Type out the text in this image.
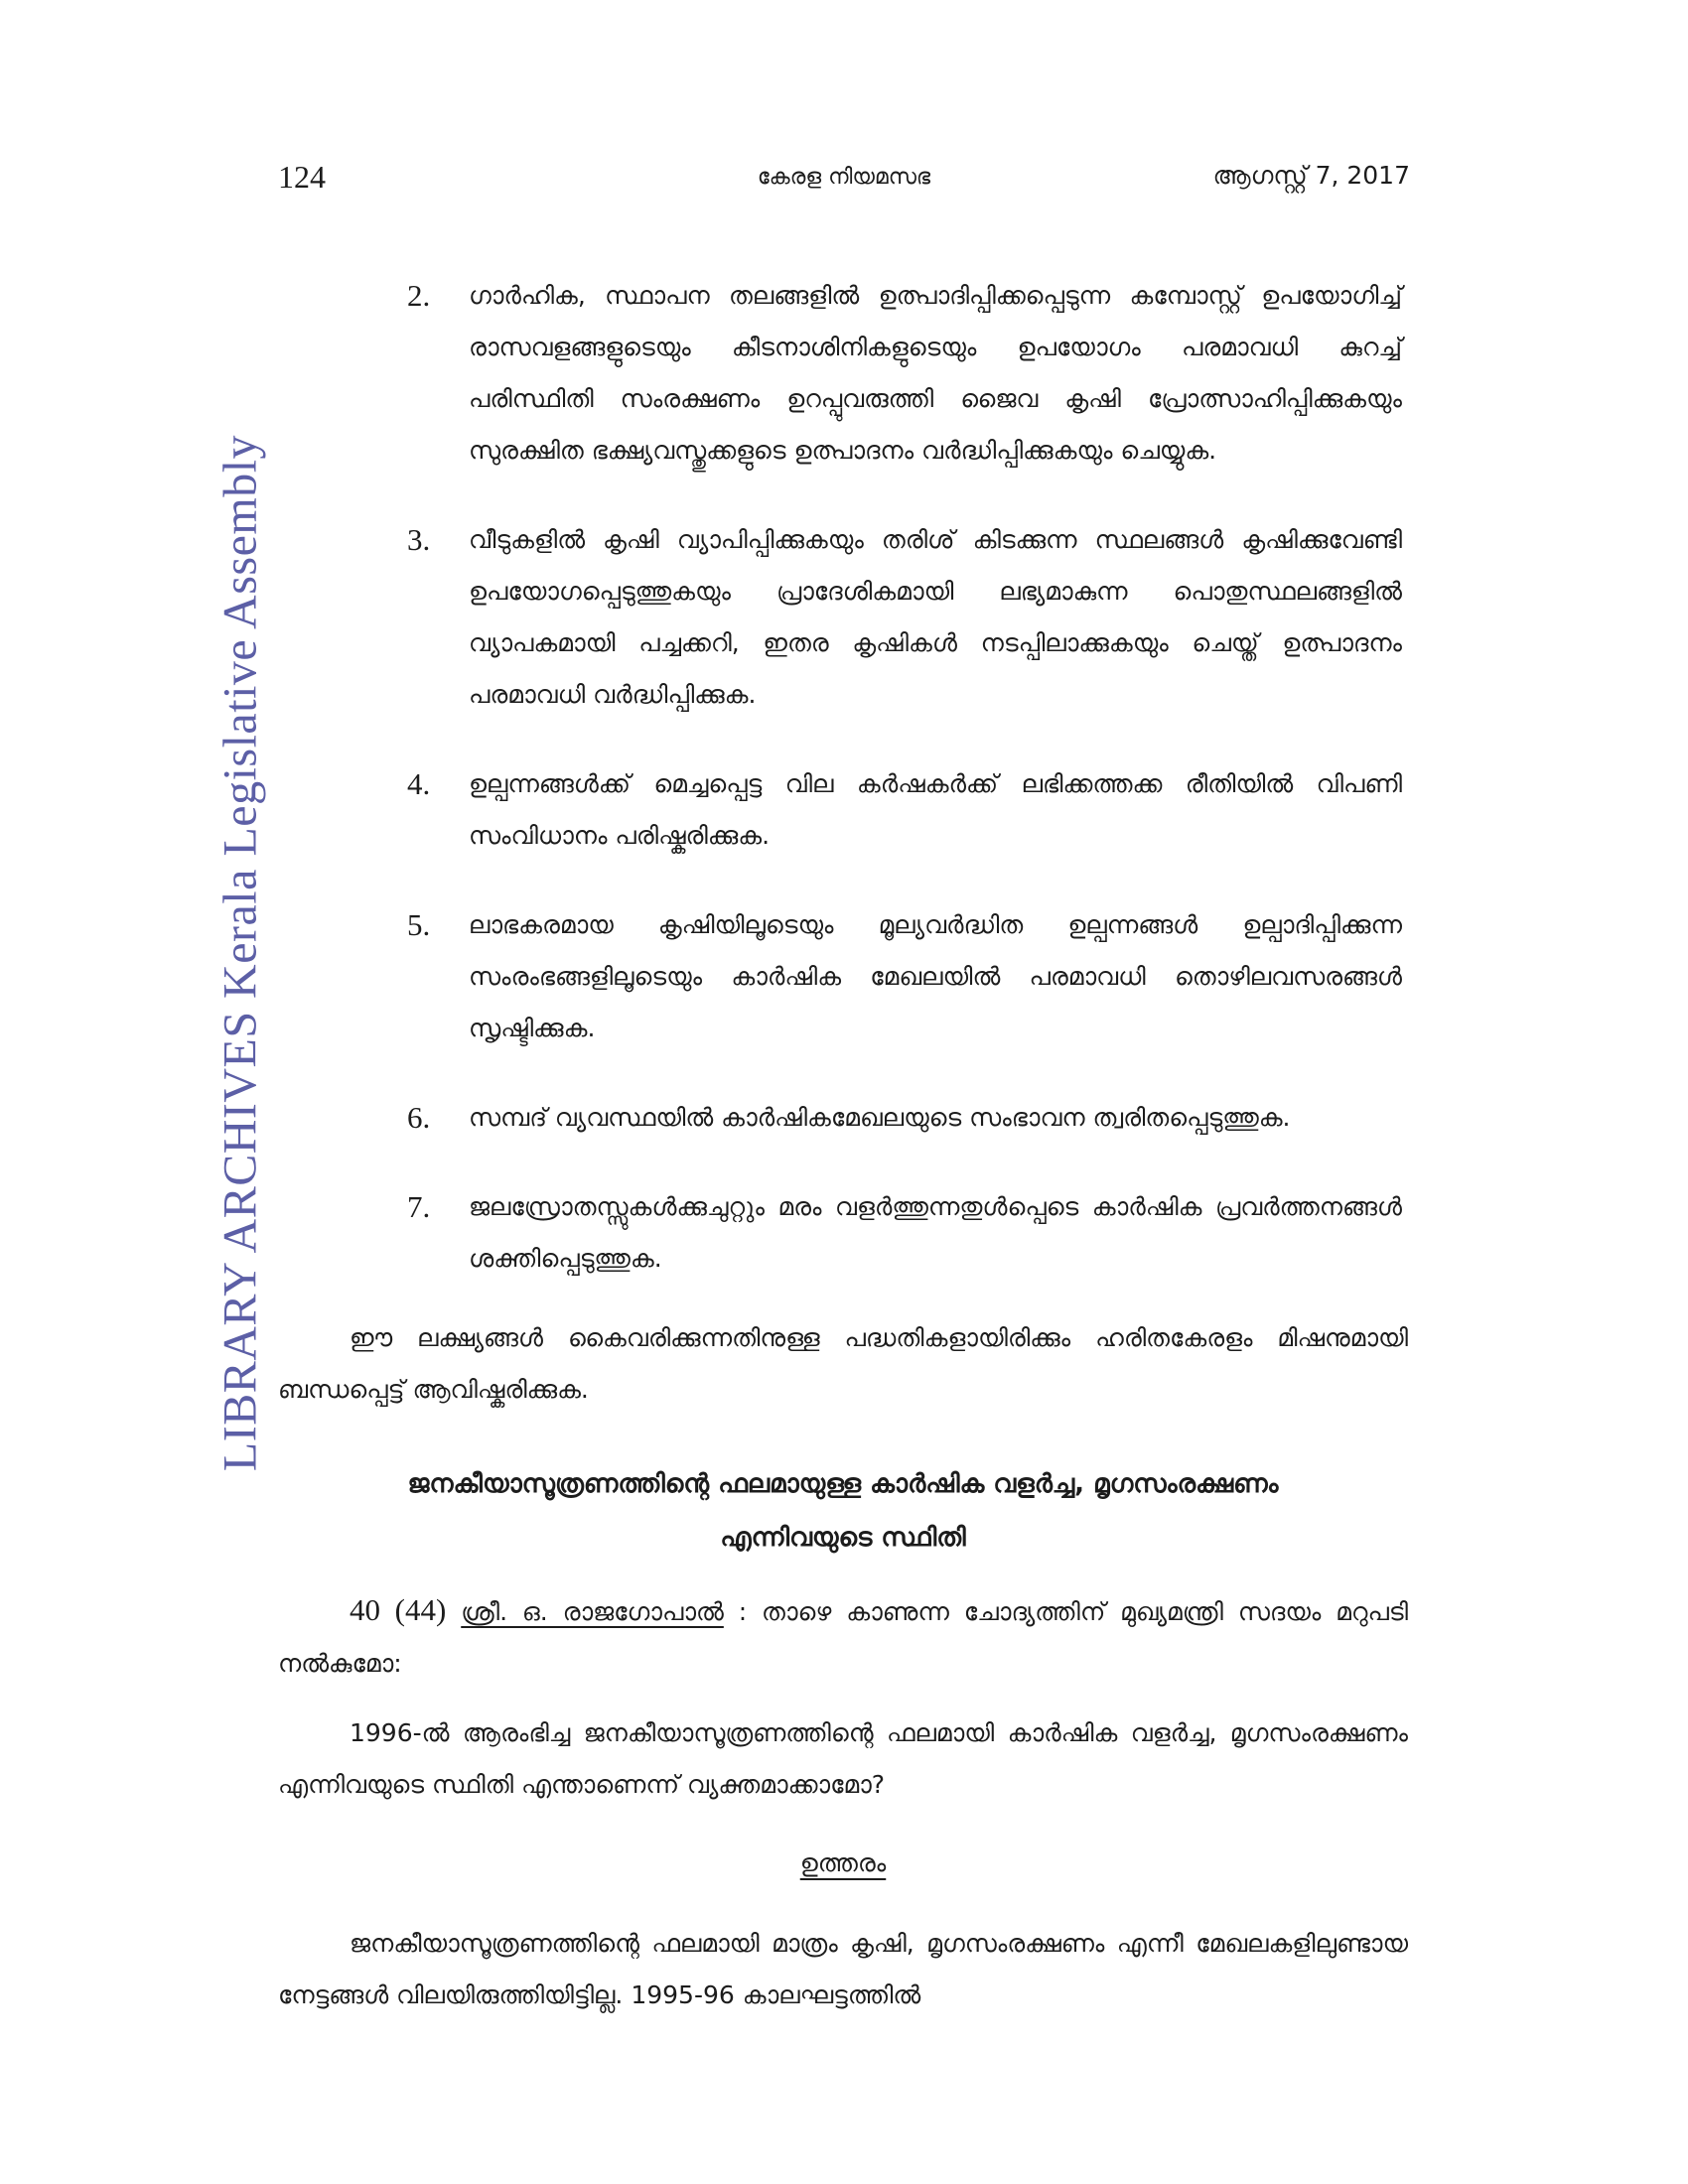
LIBRARY ARCHIVES Kerala Legislative Assembly
124	കേരള നിയമസഭ	ആഗസ്റ്റ് 7, 2017
2. ഗാർഹിക, സ്ഥാപന തലങ്ങളിൽ ഉത്പാദിപ്പിക്കപ്പെടുന്ന കമ്പോസ്റ്റ് ഉപയോഗിച്ച് രാസവളങ്ങളുടെയും കീടനാശിനികളുടെയും ഉപയോഗം പരമാവധി കുറച്ച് പരിസ്ഥിതി സംരക്ഷണം ഉറപ്പുവരുത്തി ജൈവ കൃഷി പ്രോത്സാഹിപ്പിക്കുകയും സുരക്ഷിത ഭക്ഷ്യവസ്തുക്കളുടെ ഉത്പാദനം വർദ്ധിപ്പിക്കുകയും ചെയ്യുക.
3. വീടുകളിൽ കൃഷി വ്യാപിപ്പിക്കുകയും തരിശ് കിടക്കുന്ന സ്ഥലങ്ങൾ കൃഷിക്കുവേണ്ടി ഉപയോഗപ്പെടുത്തുകയും പ്രാദേശികമായി ലഭ്യമാകുന്ന പൊതുസ്ഥലങ്ങളിൽ വ്യാപകമായി പച്ചക്കറി, ഇതര കൃഷികൾ നടപ്പിലാക്കുകയും ചെയ്ത് ഉത്പാദനം പരമാവധി വർദ്ധിപ്പിക്കുക.
4. ഉല്പന്നങ്ങൾക്ക് മെച്ചപ്പെട്ട വില കർഷകർക്ക് ലഭിക്കത്തക്ക രീതിയിൽ വിപണി സംവിധാനം പരിഷ്കരിക്കുക.
5. ലാഭകരമായ കൃഷിയിലൂടെയും മൂല്യവർദ്ധിത ഉല്പന്നങ്ങൾ ഉല്പാദിപ്പിക്കുന്ന സംരംഭങ്ങളിലൂടെയും കാർഷിക മേഖലയിൽ പരമാവധി തൊഴിലവസരങ്ങൾ സൃഷ്ടിക്കുക.
6. സമ്പദ് വ്യവസ്ഥയിൽ കാർഷികമേഖലയുടെ സംഭാവന ത്വരിതപ്പെടുത്തുക.
7. ജലസ്രോതസ്സുകൾക്കുചുറ്റും മരം വളർത്തുന്നതുൾപ്പെടെ കാർഷിക പ്രവർത്തനങ്ങൾ ശക്തിപ്പെടുത്തുക.
ഈ ലക്ഷ്യങ്ങൾ കൈവരിക്കുന്നതിനുള്ള പദ്ധതികളായിരിക്കും ഹരിതകേരളം മിഷനുമായി ബന്ധപ്പെട്ട് ആവിഷ്കരിക്കുക.
ജനകീയാസൂത്രണത്തിന്റെ ഫലമായുള്ള കാർഷിക വളർച്ച, മൃഗസംരക്ഷണം
എന്നിവയുടെ സ്ഥിതി
40 (44) ശ്രീ. ഒ. രാജഗോപാൽ : താഴെ കാണുന്ന ചോദ്യത്തിന് മുഖ്യമന്ത്രി സദയം മറുപടി നൽകുമോ:
1996-ൽ ആരംഭിച്ച ജനകീയാസൂത്രണത്തിന്റെ ഫലമായി കാർഷിക വളർച്ച, മൃഗസംരക്ഷണം എന്നിവയുടെ സ്ഥിതി എന്താണെന്ന് വ്യക്തമാക്കാമോ?
ഉത്തരം
ജനകീയാസൂത്രണത്തിന്റെ ഫലമായി മാത്രം കൃഷി, മൃഗസംരക്ഷണം എന്നീ മേഖലകളിലുണ്ടായ നേട്ടങ്ങൾ വിലയിരുത്തിയിട്ടില്ല. 1995-96 കാലഘട്ടത്തിൽ
